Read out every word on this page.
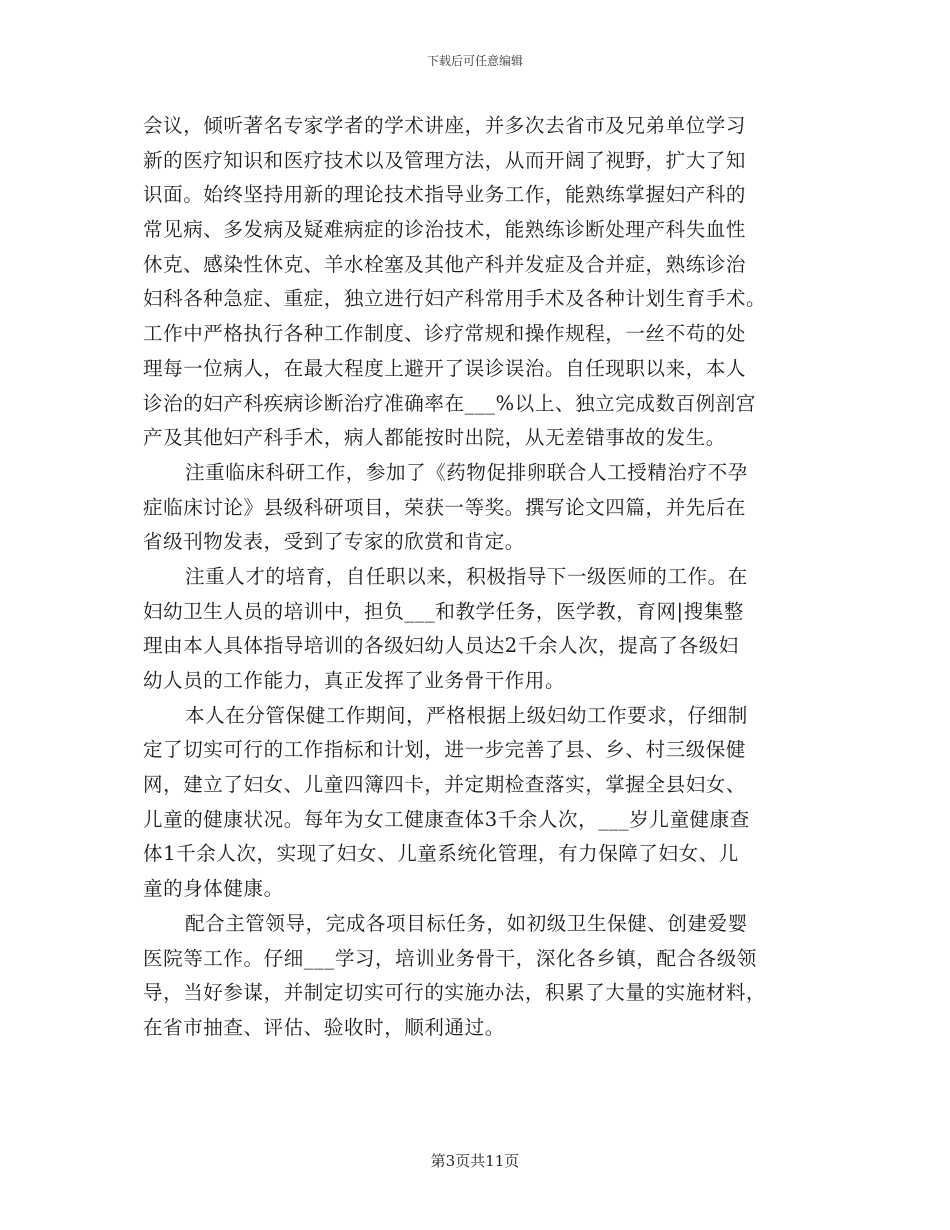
下载后可任意编辑
会议，倾听著名专家学者的学术讲座，并多次去省市及兄弟单位学习
新的医疗知识和医疗技术以及管理方法，从而开阔了视野，扩大了知
识面。始终坚持用新的理论技术指导业务工作，能熟练掌握妇产科的
常见病、多发病及疑难病症的诊治技术，能熟练诊断处理产科失血性
休克、感染性休克、羊水栓塞及其他产科并发症及合并症，熟练诊治
妇科各种急症、重症，独立进行妇产科常用手术及各种计划生育手术。
工作中严格执行各种工作制度、诊疗常规和操作规程，一丝不苟的处
理每一位病人，在最大程度上避开了误诊误治。自任现职以来，本人
诊治的妇产科疾病诊断治疗准确率在___%以上、独立完成数百例剖宫
产及其他妇产科手术，病人都能按时出院，从无差错事故的发生。
注重临床科研工作，参加了《药物促排卵联合人工授精治疗不孕
症临床讨论》县级科研项目，荣获一等奖。撰写论文四篇，并先后在
省级刊物发表，受到了专家的欣赏和肯定。
注重人才的培育，自任职以来，积极指导下一级医师的工作。在
妇幼卫生人员的培训中，担负___和教学任务，医学教，育网|搜集整
理由本人具体指导培训的各级妇幼人员达2千余人次，提高了各级妇
幼人员的工作能力，真正发挥了业务骨干作用。
本人在分管保健工作期间，严格根据上级妇幼工作要求，仔细制
定了切实可行的工作指标和计划，进一步完善了县、乡、村三级保健
网，建立了妇女、儿童四簿四卡，并定期检查落实，掌握全县妇女、
儿童的健康状况。每年为女工健康查体3千余人次，___岁儿童健康查
体1千余人次，实现了妇女、儿童系统化管理，有力保障了妇女、儿
童的身体健康。
配合主管领导，完成各项目标任务，如初级卫生保健、创建爱婴
医院等工作。仔细___学习，培训业务骨干，深化各乡镇，配合各级领
导，当好参谋，并制定切实可行的实施办法，积累了大量的实施材料，
在省市抽查、评估、验收时，顺利通过。
第3页共11页
